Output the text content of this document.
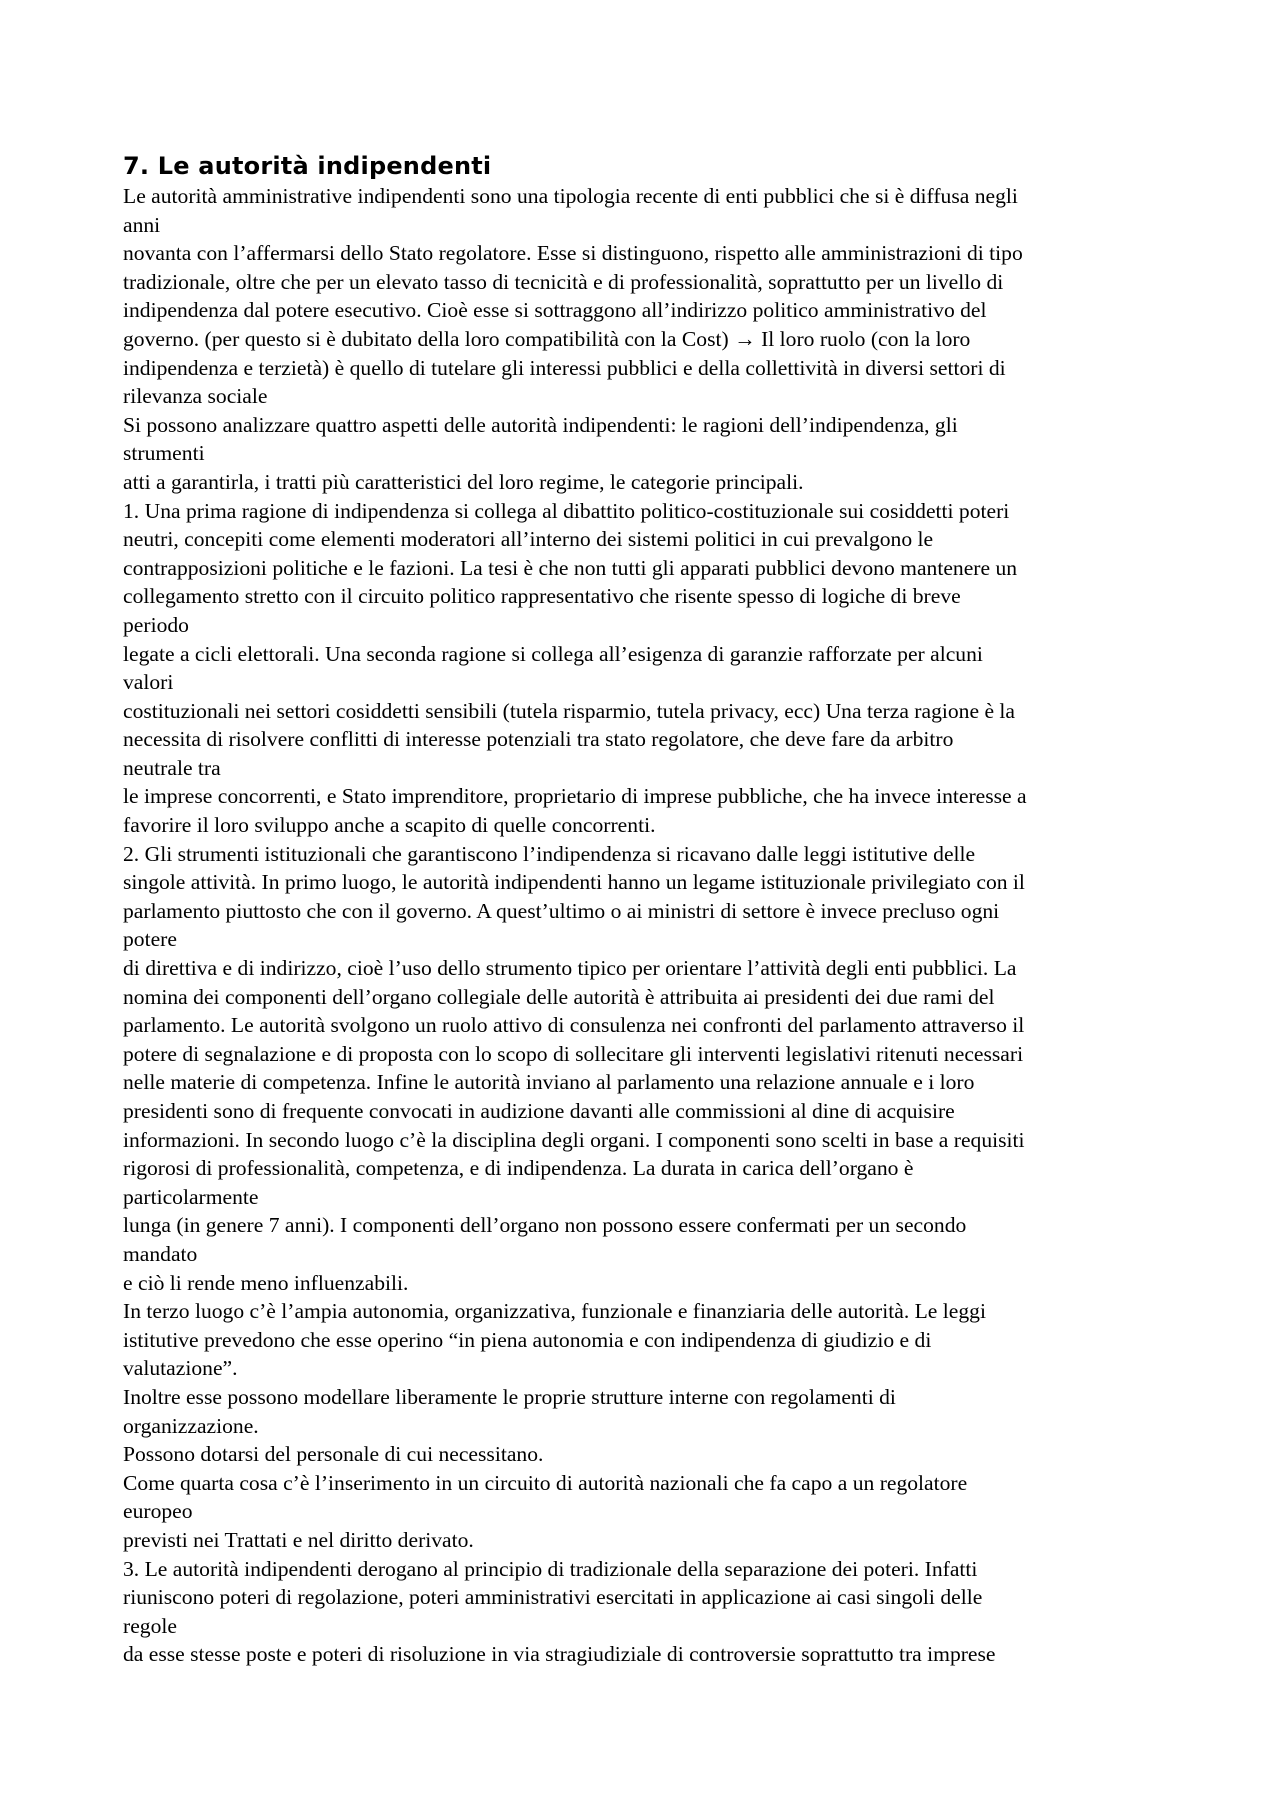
7. Le autorità indipendenti

Le autorità amministrative indipendenti sono una tipologia recente di enti pubblici che si è diffusa negli

anni

novanta con l’affermarsi dello Stato regolatore. Esse si distinguono, rispetto alle amministrazioni di tipo

tradizionale, oltre che per un elevato tasso di tecnicità e di professionalità, soprattutto per un livello di

indipendenza dal potere esecutivo. Cioè esse si sottraggono all’indirizzo politico amministrativo del

governo. (per questo si è dubitato della loro compatibilità con la Cost) → Il loro ruolo (con la loro

indipendenza e terzietà) è quello di tutelare gli interessi pubblici e della collettività in diversi settori di

rilevanza sociale

Si possono analizzare quattro aspetti delle autorità indipendenti: le ragioni dell’indipendenza, gli

strumenti

atti a garantirla, i tratti più caratteristici del loro regime, le categorie principali.

1. Una prima ragione di indipendenza si collega al dibattito politico-costituzionale sui cosiddetti poteri

neutri, concepiti come elementi moderatori all’interno dei sistemi politici in cui prevalgono le

contrapposizioni politiche e le fazioni. La tesi è che non tutti gli apparati pubblici devono mantenere un

collegamento stretto con il circuito politico rappresentativo che risente spesso di logiche di breve

periodo

legate a cicli elettorali. Una seconda ragione si collega all’esigenza di garanzie rafforzate per alcuni

valori

costituzionali nei settori cosiddetti sensibili (tutela risparmio, tutela privacy, ecc) Una terza ragione è la

necessita di risolvere conflitti di interesse potenziali tra stato regolatore, che deve fare da arbitro

neutrale tra

le imprese concorrenti, e Stato imprenditore, proprietario di imprese pubbliche, che ha invece interesse a

favorire il loro sviluppo anche a scapito di quelle concorrenti.

2. Gli strumenti istituzionali che garantiscono l’indipendenza si ricavano dalle leggi istitutive delle

singole attività. In primo luogo, le autorità indipendenti hanno un legame istituzionale privilegiato con il

parlamento piuttosto che con il governo. A quest’ultimo o ai ministri di settore è invece precluso ogni

potere

di direttiva e di indirizzo, cioè l’uso dello strumento tipico per orientare l’attività degli enti pubblici. La

nomina dei componenti dell’organo collegiale delle autorità è attribuita ai presidenti dei due rami del

parlamento. Le autorità svolgono un ruolo attivo di consulenza nei confronti del parlamento attraverso il

potere di segnalazione e di proposta con lo scopo di sollecitare gli interventi legislativi ritenuti necessari

nelle materie di competenza. Infine le autorità inviano al parlamento una relazione annuale e i loro

presidenti sono di frequente convocati in audizione davanti alle commissioni al dine di acquisire

informazioni. In secondo luogo c’è la disciplina degli organi. I componenti sono scelti in base a requisiti

rigorosi di professionalità, competenza, e di indipendenza. La durata in carica dell’organo è

particolarmente

lunga (in genere 7 anni). I componenti dell’organo non possono essere confermati per un secondo

mandato

e ciò li rende meno influenzabili.

In terzo luogo c’è l’ampia autonomia, organizzativa, funzionale e finanziaria delle autorità. Le leggi

istitutive prevedono che esse operino “in piena autonomia e con indipendenza di giudizio e di

valutazione”.

Inoltre esse possono modellare liberamente le proprie strutture interne con regolamenti di

organizzazione.

Possono dotarsi del personale di cui necessitano.

Come quarta cosa c’è l’inserimento in un circuito di autorità nazionali che fa capo a un regolatore

europeo

previsti nei Trattati e nel diritto derivato.

3. Le autorità indipendenti derogano al principio di tradizionale della separazione dei poteri. Infatti

riuniscono poteri di regolazione, poteri amministrativi esercitati in applicazione ai casi singoli delle

regole

da esse stesse poste e poteri di risoluzione in via stragiudiziale di controversie soprattutto tra imprese
